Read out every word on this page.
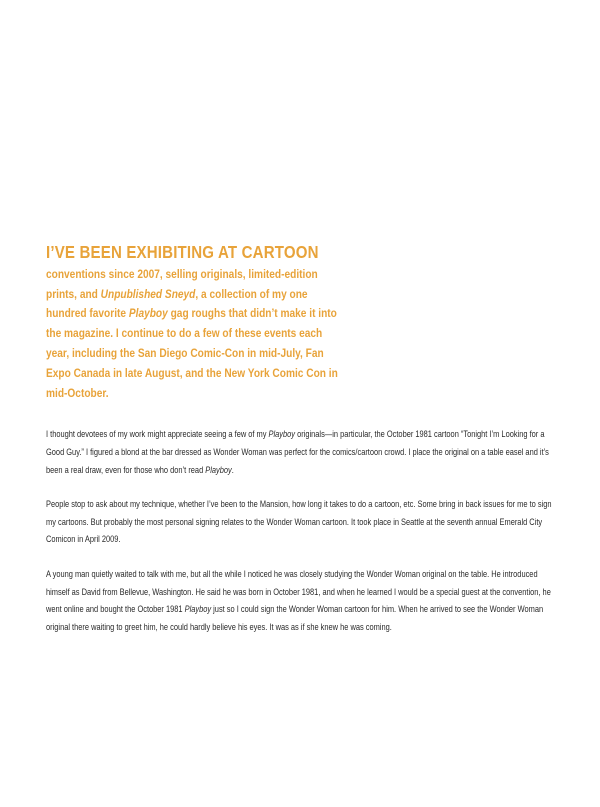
I’VE BEEN EXHIBITING AT CARTOON conventions since 2007, selling originals, limited-edition prints, and Unpublished Sneyd, a collection of my one hundred favorite Playboy gag roughs that didn’t make it into the magazine. I continue to do a few of these events each year, including the San Diego Comic-Con in mid-July, Fan Expo Canada in late August, and the New York Comic Con in mid-October.

I thought devotees of my work might appreciate seeing a few of my Playboy originals—in particular, the October 1981 cartoon “Tonight I’m Looking for a Good Guy.” I figured a blond at the bar dressed as Wonder Woman was perfect for the comics/cartoon crowd. I place the original on a table easel and it’s been a real draw, even for those who don’t read Playboy.

People stop to ask about my technique, whether I’ve been to the Mansion, how long it takes to do a cartoon, etc. Some bring in back issues for me to sign my cartoons. But probably the most personal signing relates to the Wonder Woman cartoon. It took place in Seattle at the seventh annual Emerald City Comicon in April 2009.

A young man quietly waited to talk with me, but all the while I noticed he was closely studying the Wonder Woman original on the table. He introduced himself as David from Bellevue, Washington. He said he was born in October 1981, and when he learned I would be a special guest at the convention, he went online and bought the October 1981 Playboy just so I could sign the Wonder Woman cartoon for him. When he arrived to see the Wonder Woman original there waiting to greet him, he could hardly believe his eyes. It was as if she knew he was coming.
